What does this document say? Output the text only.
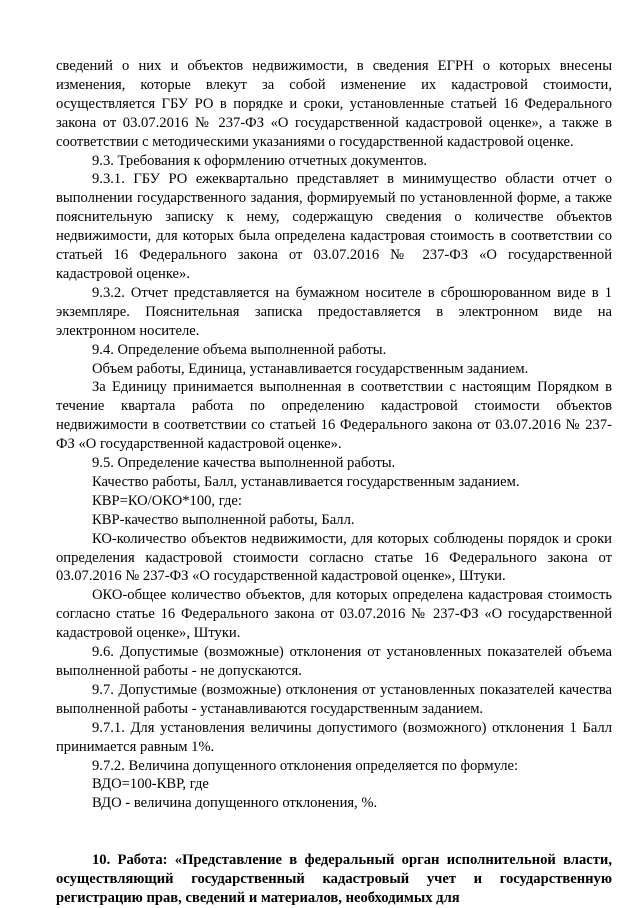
сведений о них и объектов недвижимости, в сведения ЕГРН о которых внесены изменения, которые влекут за собой изменение их кадастровой стоимости, осуществляется ГБУ РО в порядке и сроки, установленные статьей 16 Федерального закона от 03.07.2016 № 237-ФЗ «О государственной кадастровой оценке», а также в соответствии с методическими указаниями о государственной кадастровой оценке.

9.3. Требования к оформлению отчетных документов.

9.3.1. ГБУ РО ежеквартально представляет в минимущество области отчет о выполнении государственного задания, формируемый по установленной форме, а также пояснительную записку к нему, содержащую сведения о количестве объектов недвижимости, для которых была определена кадастровая стоимость в соответствии со статьей 16 Федерального закона от 03.07.2016 № 237-ФЗ «О государственной кадастровой оценке».

9.3.2. Отчет представляется на бумажном носителе в сброшюрованном виде в 1 экземпляре. Пояснительная записка предоставляется в электронном виде на электронном носителе.

9.4. Определение объема выполненной работы.

Объем работы, Единица, устанавливается государственным заданием.

За Единицу принимается выполненная в соответствии с настоящим Порядком в течение квартала работа по определению кадастровой стоимости объектов недвижимости в соответствии со статьей 16 Федерального закона от 03.07.2016 № 237-ФЗ «О государственной кадастровой оценке».

9.5. Определение качества выполненной работы.

Качество работы, Балл, устанавливается государственным заданием.

КВР=КО/ОКО*100, где:

КВР-качество выполненной работы, Балл.

КО-количество объектов недвижимости, для которых соблюдены порядок и сроки определения кадастровой стоимости согласно статье 16 Федерального закона от 03.07.2016 № 237-ФЗ «О государственной кадастровой оценке», Штуки.

ОКО-общее количество объектов, для которых определена кадастровая стоимость согласно статье 16 Федерального закона от 03.07.2016 № 237-ФЗ «О государственной кадастровой оценке», Штуки.

9.6. Допустимые (возможные) отклонения от установленных показателей объема выполненной работы - не допускаются.

9.7. Допустимые (возможные) отклонения от установленных показателей качества выполненной работы - устанавливаются государственным заданием.

9.7.1. Для установления величины допустимого (возможного) отклонения 1 Балл принимается равным 1%.

9.7.2. Величина допущенного отклонения определяется по формуле:

ВДО=100-КВР, где

ВДО - величина допущенного отклонения, %.

10. Работа: «Представление в федеральный орган исполнительной власти, осуществляющий государственный кадастровый учет и государственную регистрацию прав, сведений и материалов, необходимых для
